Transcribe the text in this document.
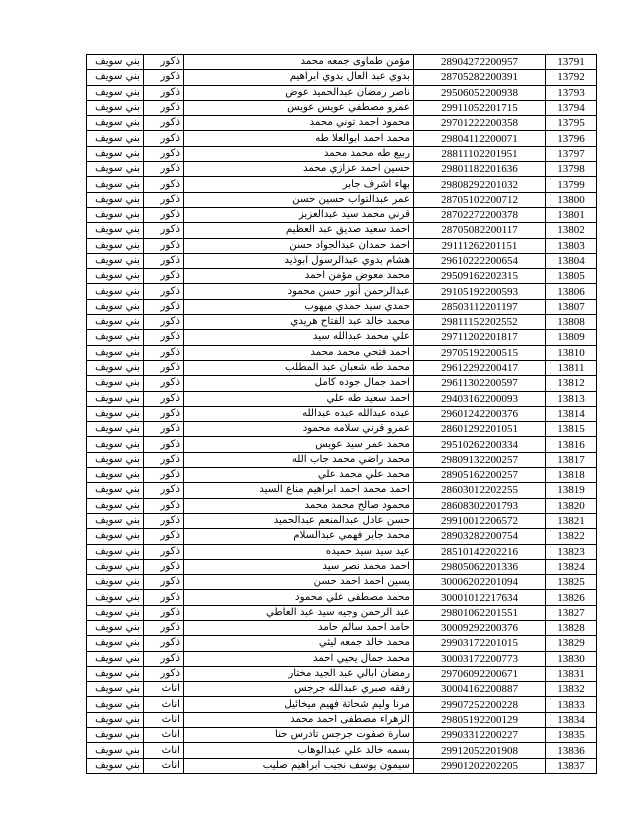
بني سويف	ذكور	مؤمن طماوى جمعه محمد	28904272200957	13791
بني سويف	ذكور	بدوي عبد العال بدوي ابراهيم	28705282200391	13792
بني سويف	ذكور	ناصر رمضان عبدالحميد عوض	29506052200938	13793
بني سويف	ذكور	عمرو مصطفي عويس عويس	29911052201715	13794
بني سويف	ذكور	محمود احمد توني محمد	29701222200358	13795
بني سويف	ذكور	محمد احمد ابوالعلا طه	29804112200071	13796
بني سويف	ذكور	ربيع طه محمد محمد	28811102201951	13797
بني سويف	ذكور	حسين احمد عزازي محمد	29801182201636	13798
بني سويف	ذكور	بهاء اشرف جابر	29808292201032	13799
بني سويف	ذكور	عمر عبدالتواب حسين حسن	28705102200712	13800
بني سويف	ذكور	قرني محمد سيد عبدالعزيز	28702272200378	13801
بني سويف	ذكور	احمد سعيد صديق عبد العظيم	28705082200117	13802
بني سويف	ذكور	احمد حمدان عبدالجواد حسن	29111262201151	13803
بني سويف	ذكور	هشام بدوي عبدالرسول ابوذيد	29610222200654	13804
بني سويف	ذكور	محمد معوض مؤمن احمد	29509162202315	13805
بني سويف	ذكور	عبدالرحمن أنور حسن محمود	29105192200593	13806
بني سويف	ذكور	حمدي سيد حمدي ميهوب	28503112201197	13807
بني سويف	ذكور	محمد خالد عبد الفتاح هريدي	29811152202552	13808
بني سويف	ذكور	علي محمد عبدالله سيد	29711202201817	13809
بني سويف	ذكور	احمد فتحي محمد محمد	29705192200515	13810
بني سويف	ذكور	محمد طه شعبان عبد المطلب	29612292200417	13811
بني سويف	ذكور	احمد جمال جوده كامل	29611302200597	13812
بني سويف	ذكور	احمد سعيد طه علي	29403162200093	13813
بني سويف	ذكور	عبده عبدالله عبده عبدالله	29601242200376	13814
بني سويف	ذكور	عمرو قرني سلامه محمود	28601292201051	13815
بني سويف	ذكور	محمد عمر سيد عويس	29510262200334	13816
بني سويف	ذكور	محمد راضي محمد جاب الله	29809132200257	13817
بني سويف	ذكور	محمد علي محمد علي	28905162200257	13818
بني سويف	ذكور	احمد محمد احمد ابراهيم مناع السيد	28603012202255	13819
بني سويف	ذكور	محمود صالح محمد محمد	28608302201793	13820
بني سويف	ذكور	حسن عادل عبدالمنعم عبدالحميد	29910012206572	13821
بني سويف	ذكور	محمد جابر فهمي عبدالسلام	28903282200754	13822
بني سويف	ذكور	عيد سيد سيد حميده	28510142202216	13823
بني سويف	ذكور	احمد محمد نصر سيد	29805062201336	13824
بني سويف	ذكور	يسين احمد احمد حسن	30006202201094	13825
بني سويف	ذكور	محمد مصطفى علي محمود	30001012217634	13826
بني سويف	ذكور	عبد الرحمن وجيه سيد عبد العاطي	29801062201551	13827
بني سويف	ذكور	حامد احمد سالم حامد	30009292200376	13828
بني سويف	ذكور	محمد خالد جمعه ليثي	29903172201015	13829
بني سويف	ذكور	محمد جمال يحيي احمد	30003172200773	13830
بني سويف	ذكور	رمضان ابالي عبد الجيد مختار	29706092200671	13831
بني سويف	اناث	رفقه صبري عبدالله جرجس	30004162200887	13832
بني سويف	اناث	مرنا وليم شحاتة فهيم ميخائيل	29907252200228	13833
بني سويف	اناث	الزهراء مصطفى احمد محمد	29805192200129	13834
بني سويف	اناث	سارة صفوت جرجس تادرس حنا	29903312200227	13835
بني سويف	اناث	بسمه خالد علي عبدالوهاب	29912052201908	13836
بني سويف	اناث	سيمون يوسف نجيب ابراهيم صليب	29901202202205	13837
